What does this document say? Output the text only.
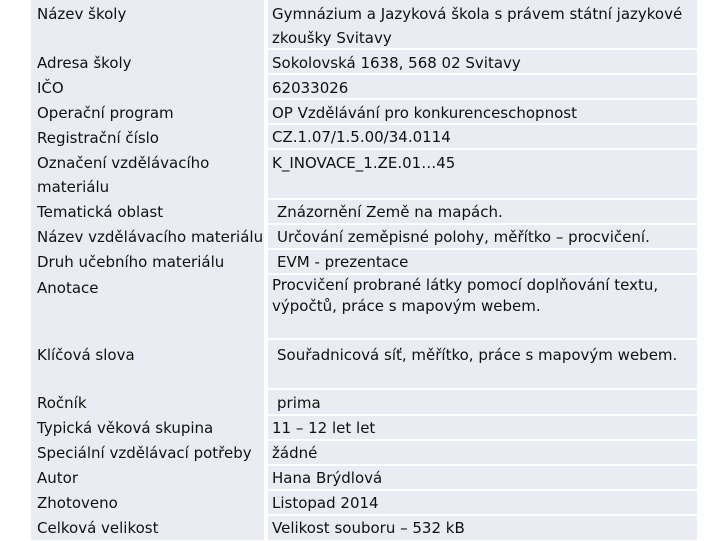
Název školy
Adresa školy
IČO
Operační program
Registrační číslo
Označení vzdělávacího
materiálu
Tematická oblast
Název vzdělávacího materiálu
Druh učebního materiálu
Anotace
Klíčová slova
Ročník
Typická věková skupina
Speciální vzdělávací potřeby
Autor
Zhotoveno
Celková velikost
Gymnázium a Jazyková škola s právem státní jazykové
zkoušky Svitavy
Sokolovská 1638, 568 02 Svitavy
62033026
OP Vzdělávání pro konkurenceschopnost
CZ.1.07/1.5.00/34.0114
K_INOVACE_1.ZE.01…45
Znázornění Země na mapách.
Určování zeměpisné polohy, měřítko – procvičení.
EVM - prezentace
Procvičení probrané látky pomocí doplňování textu,
výpočtů, práce s mapovým webem.
Souřadnicová síť, měřítko, práce s mapovým webem.
prima
11 – 12 let let
žádné
Hana Brýdlová
Listopad 2014
Velikost souboru – 532 kB
